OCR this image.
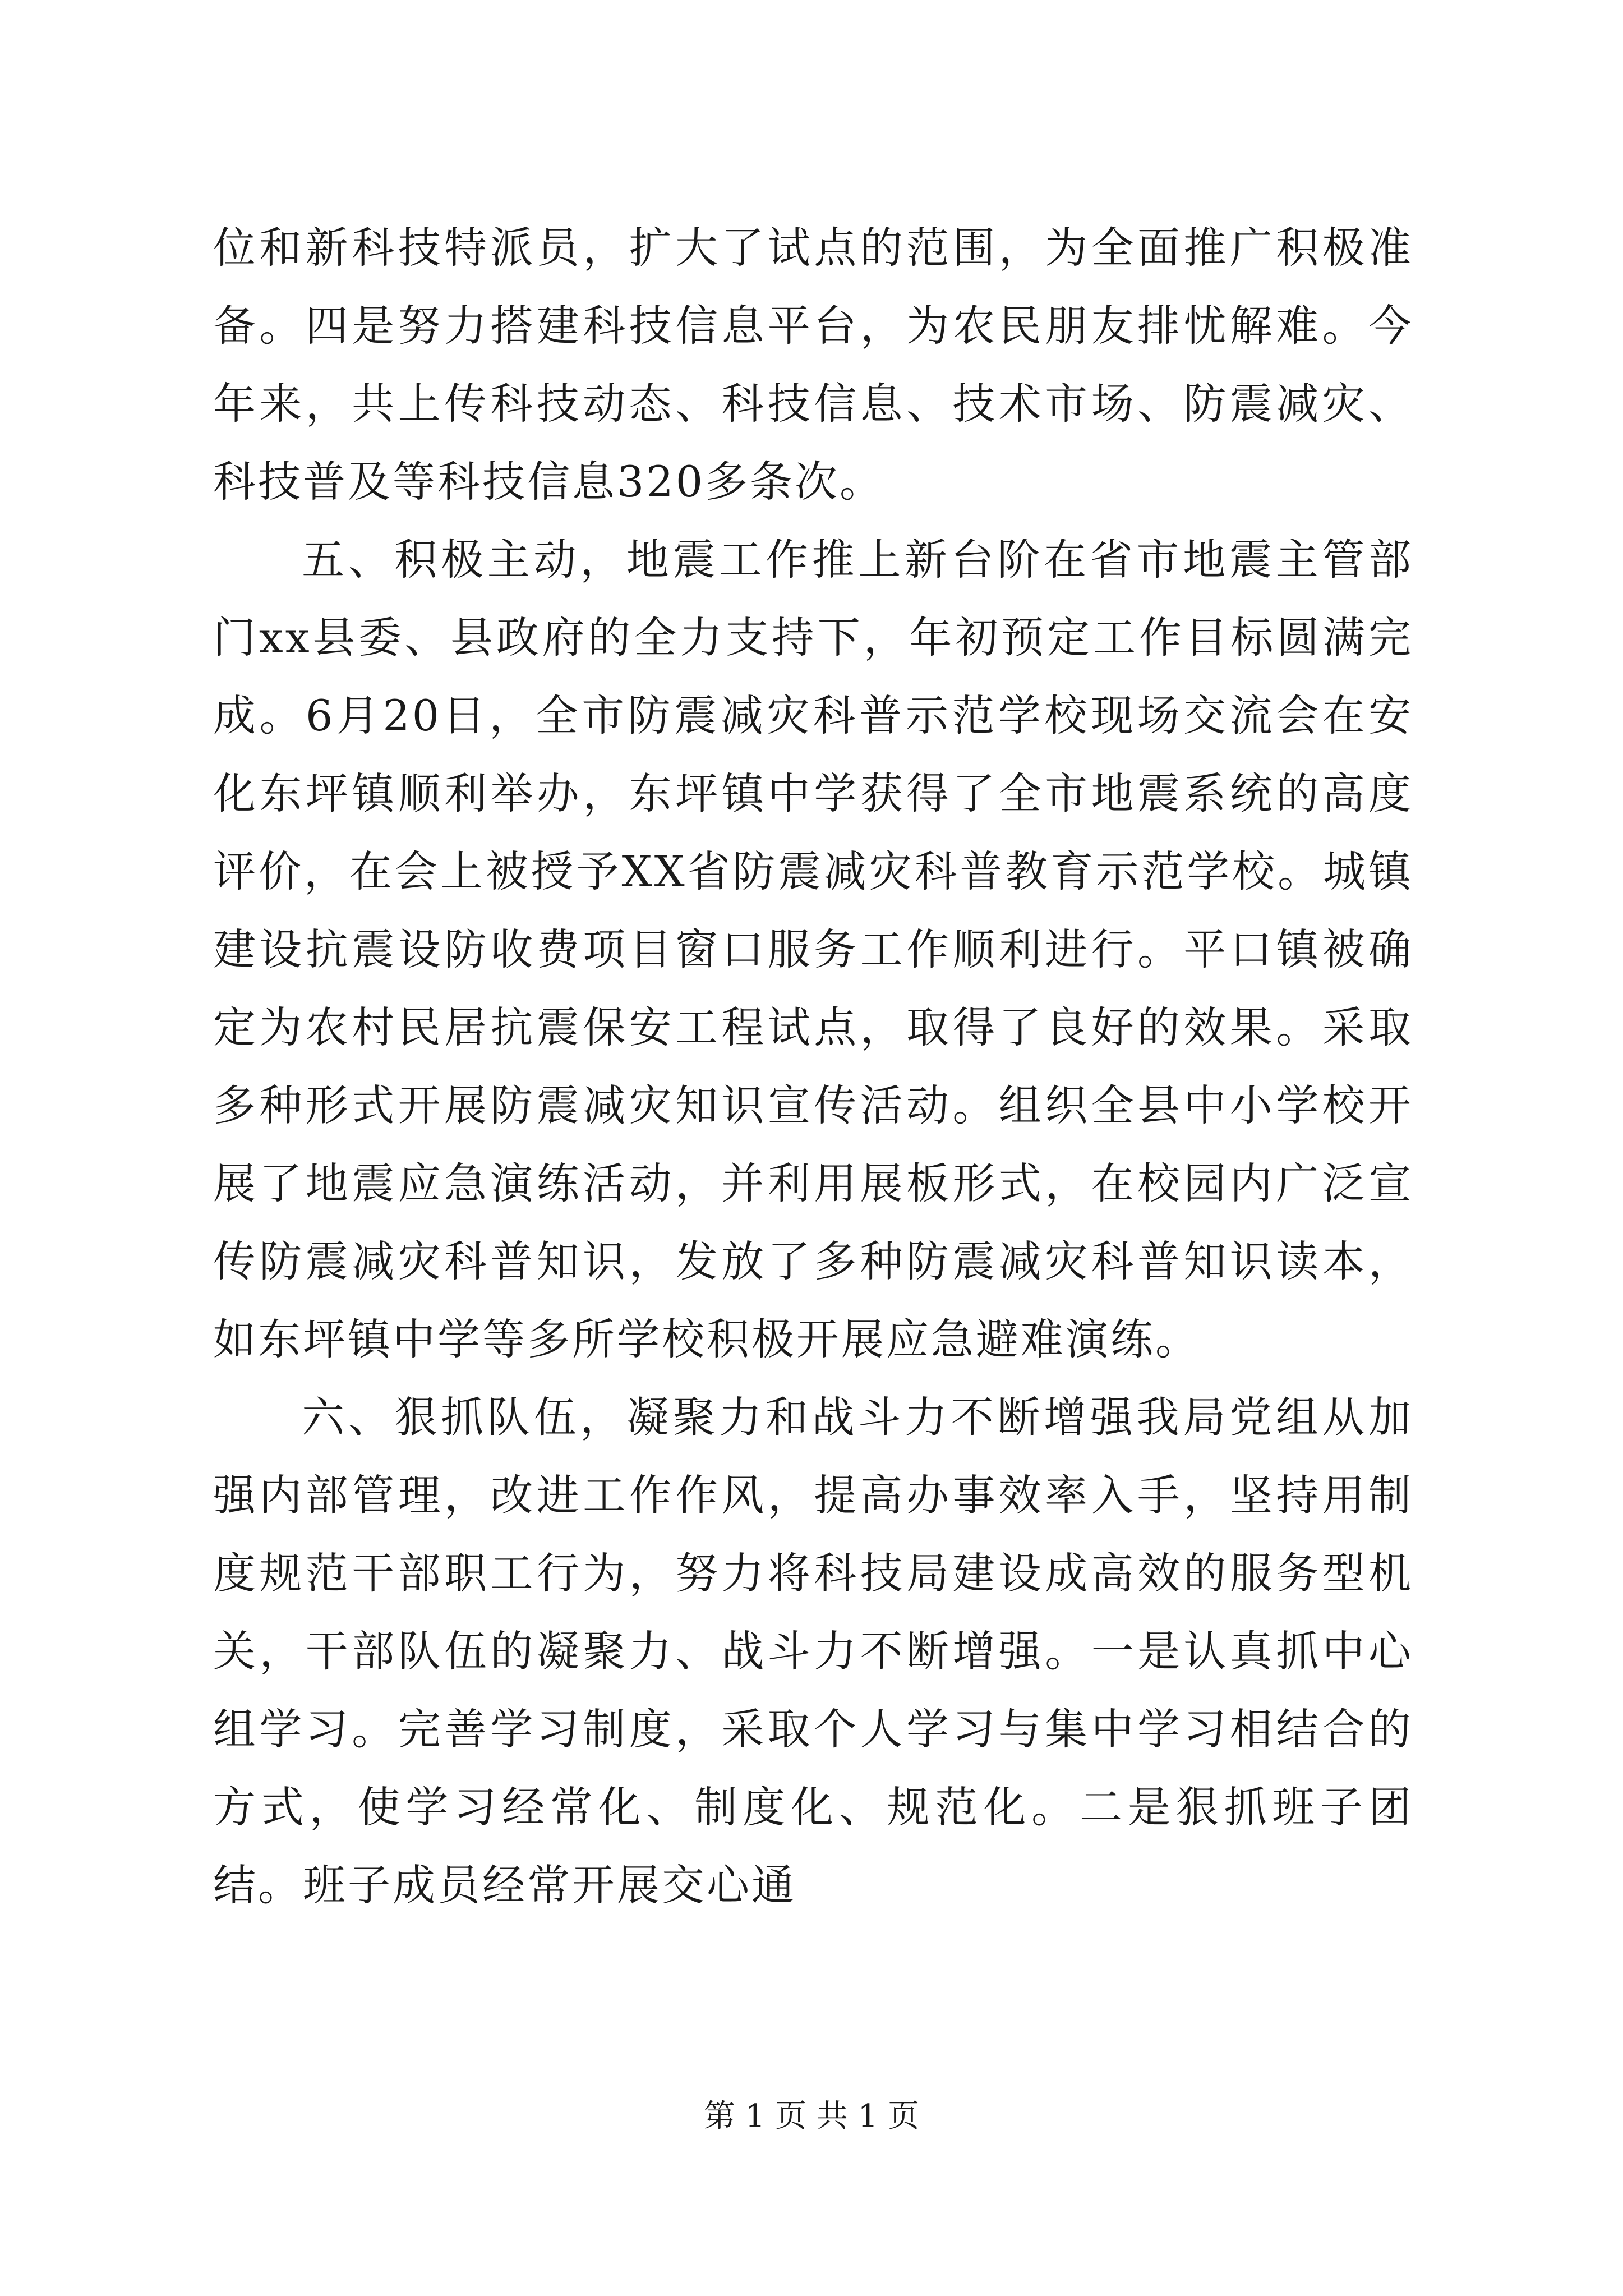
位和新科技特派员，扩大了试点的范围，为全面推广积极准备。四是努力搭建科技信息平台，为农民朋友排忧解难。今年来，共上传科技动态、科技信息、技术市场、防震减灾、科技普及等科技信息320多条次。

五、积极主动，地震工作推上新台阶在省市地震主管部门xx县委、县政府的全力支持下，年初预定工作目标圆满完成。6月20日，全市防震减灾科普示范学校现场交流会在安化东坪镇顺利举办，东坪镇中学获得了全市地震系统的高度评价，在会上被授予XX省防震减灾科普教育示范学校。城镇建设抗震设防收费项目窗口服务工作顺利进行。平口镇被确定为农村民居抗震保安工程试点，取得了良好的效果。采取多种形式开展防震减灾知识宣传活动。组织全县中小学校开展了地震应急演练活动，并利用展板形式，在校园内广泛宣传防震减灾科普知识，发放了多种防震减灾科普知识读本，如东坪镇中学等多所学校积极开展应急避难演练。

六、狠抓队伍，凝聚力和战斗力不断增强我局党组从加强内部管理，改进工作作风，提高办事效率入手，坚持用制度规范干部职工行为，努力将科技局建设成高效的服务型机关，干部队伍的凝聚力、战斗力不断增强。一是认真抓中心组学习。完善学习制度，采取个人学习与集中学习相结合的方式，使学习经常化、制度化、规范化。二是狠抓班子团结。班子成员经常开展交心通

第 1 页 共 1 页
